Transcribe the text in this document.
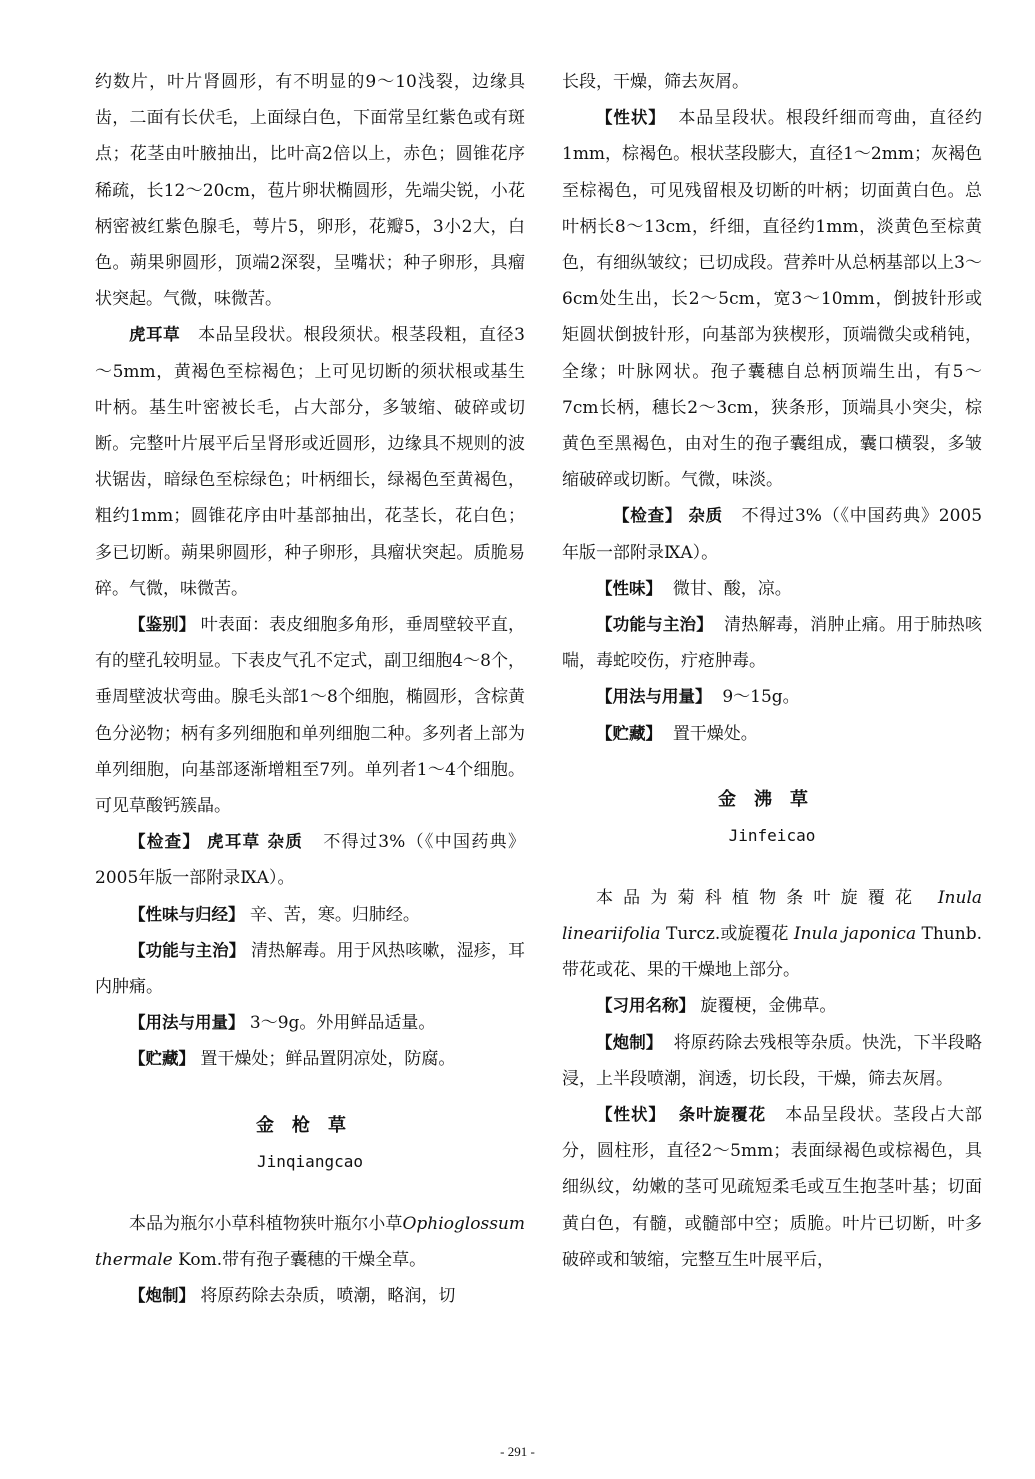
约数片，叶片肾圆形，有不明显的9～10浅裂，边缘具齿，二面有长伏毛，上面绿白色，下面常呈红紫色或有斑点；花茎由叶腋抽出，比叶高2倍以上，赤色；圆锥花序稀疏，长12～20cm，苞片卵状椭圆形，先端尖锐，小花柄密被红紫色腺毛，萼片5，卵形，花瓣5，3小2大，白色。蒴果卵圆形，顶端2深裂，呈嘴状；种子卵形，具瘤状突起。气微，味微苦。

虎耳草 本品呈段状。根段须状。根茎段粗，直径3～5mm，黄褐色至棕褐色；上可见切断的须状根或基生叶柄。基生叶密被长毛，占大部分，多皱缩、破碎或切断。完整叶片展平后呈肾形或近圆形，边缘具不规则的波状锯齿，暗绿色至棕绿色；叶柄细长，绿褐色至黄褐色，粗约1mm；圆锥花序由叶基部抽出，花茎长，花白色；多已切断。蒴果卵圆形，种子卵形，具瘤状突起。质脆易碎。气微，味微苦。

【鉴别】 叶表面：表皮细胞多角形，垂周壁较平直，有的壁孔较明显。下表皮气孔不定式，副卫细胞4～8个，垂周壁波状弯曲。腺毛头部1～8个细胞，椭圆形，含棕黄色分泌物；柄有多列细胞和单列细胞二种。多列者上部为单列细胞，向基部逐渐增粗至7列。单列者1～4个细胞。可见草酸钙簇晶。

【检查】 虎耳草 杂质 不得过3%（《中国药典》2005年版一部附录ⅨA）。

【性味与归经】 辛、苦，寒。归肺经。

【功能与主治】 清热解毒。用于风热咳嗽，湿疹，耳内肿痛。

【用法与用量】 3～9g。外用鲜品适量。

【贮藏】 置干燥处；鲜品置阴凉处，防腐。

金枪草

Jinqiangcao

本品为瓶尔小草科植物狭叶瓶尔小草Ophioglossum thermale Kom.带有孢子囊穗的干燥全草。

【炮制】 将原药除去杂质，喷潮，略润，切

长段，干燥，筛去灰屑。

【性状】 本品呈段状。根段纤细而弯曲，直径约1mm，棕褐色。根状茎段膨大，直径1～2mm；灰褐色至棕褐色，可见残留根及切断的叶柄；切面黄白色。总叶柄长8～13cm，纤细，直径约1mm，淡黄色至棕黄色，有细纵皱纹；已切成段。营养叶从总柄基部以上3～6cm处生出，长2～5cm，宽3～10mm，倒披针形或矩圆状倒披针形，向基部为狭楔形，顶端微尖或稍钝，全缘；叶脉网状。孢子囊穗自总柄顶端生出，有5～7cm长柄，穗长2～3cm，狭条形，顶端具小突尖，棕黄色至黑褐色，由对生的孢子囊组成，囊口横裂，多皱缩破碎或切断。气微，味淡。

【检查】 杂质 不得过3%（《中国药典》2005年版一部附录ⅨA）。

【性味】 微甘、酸，凉。

【功能与主治】 清热解毒，消肿止痛。用于肺热咳喘，毒蛇咬伤，疔疮肿毒。

【用法与用量】 9～15g。

【贮藏】 置干燥处。

金沸草

Jinfeicao

本品为菊科植物条叶旋覆花 Inula lineariifolia Turcz.或旋覆花 Inula japonica Thunb.带花或花、果的干燥地上部分。

【习用名称】 旋覆梗，金佛草。

【炮制】 将原药除去残根等杂质。快洗，下半段略浸，上半段喷潮，润透，切长段，干燥，筛去灰屑。

【性状】 条叶旋覆花 本品呈段状。茎段占大部分，圆柱形，直径2～5mm；表面绿褐色或棕褐色，具细纵纹，幼嫩的茎可见疏短柔毛或互生抱茎叶基；切面黄白色，有髓，或髓部中空；质脆。叶片已切断，叶多破碎或和皱缩，完整互生叶展平后，

- 291 -
